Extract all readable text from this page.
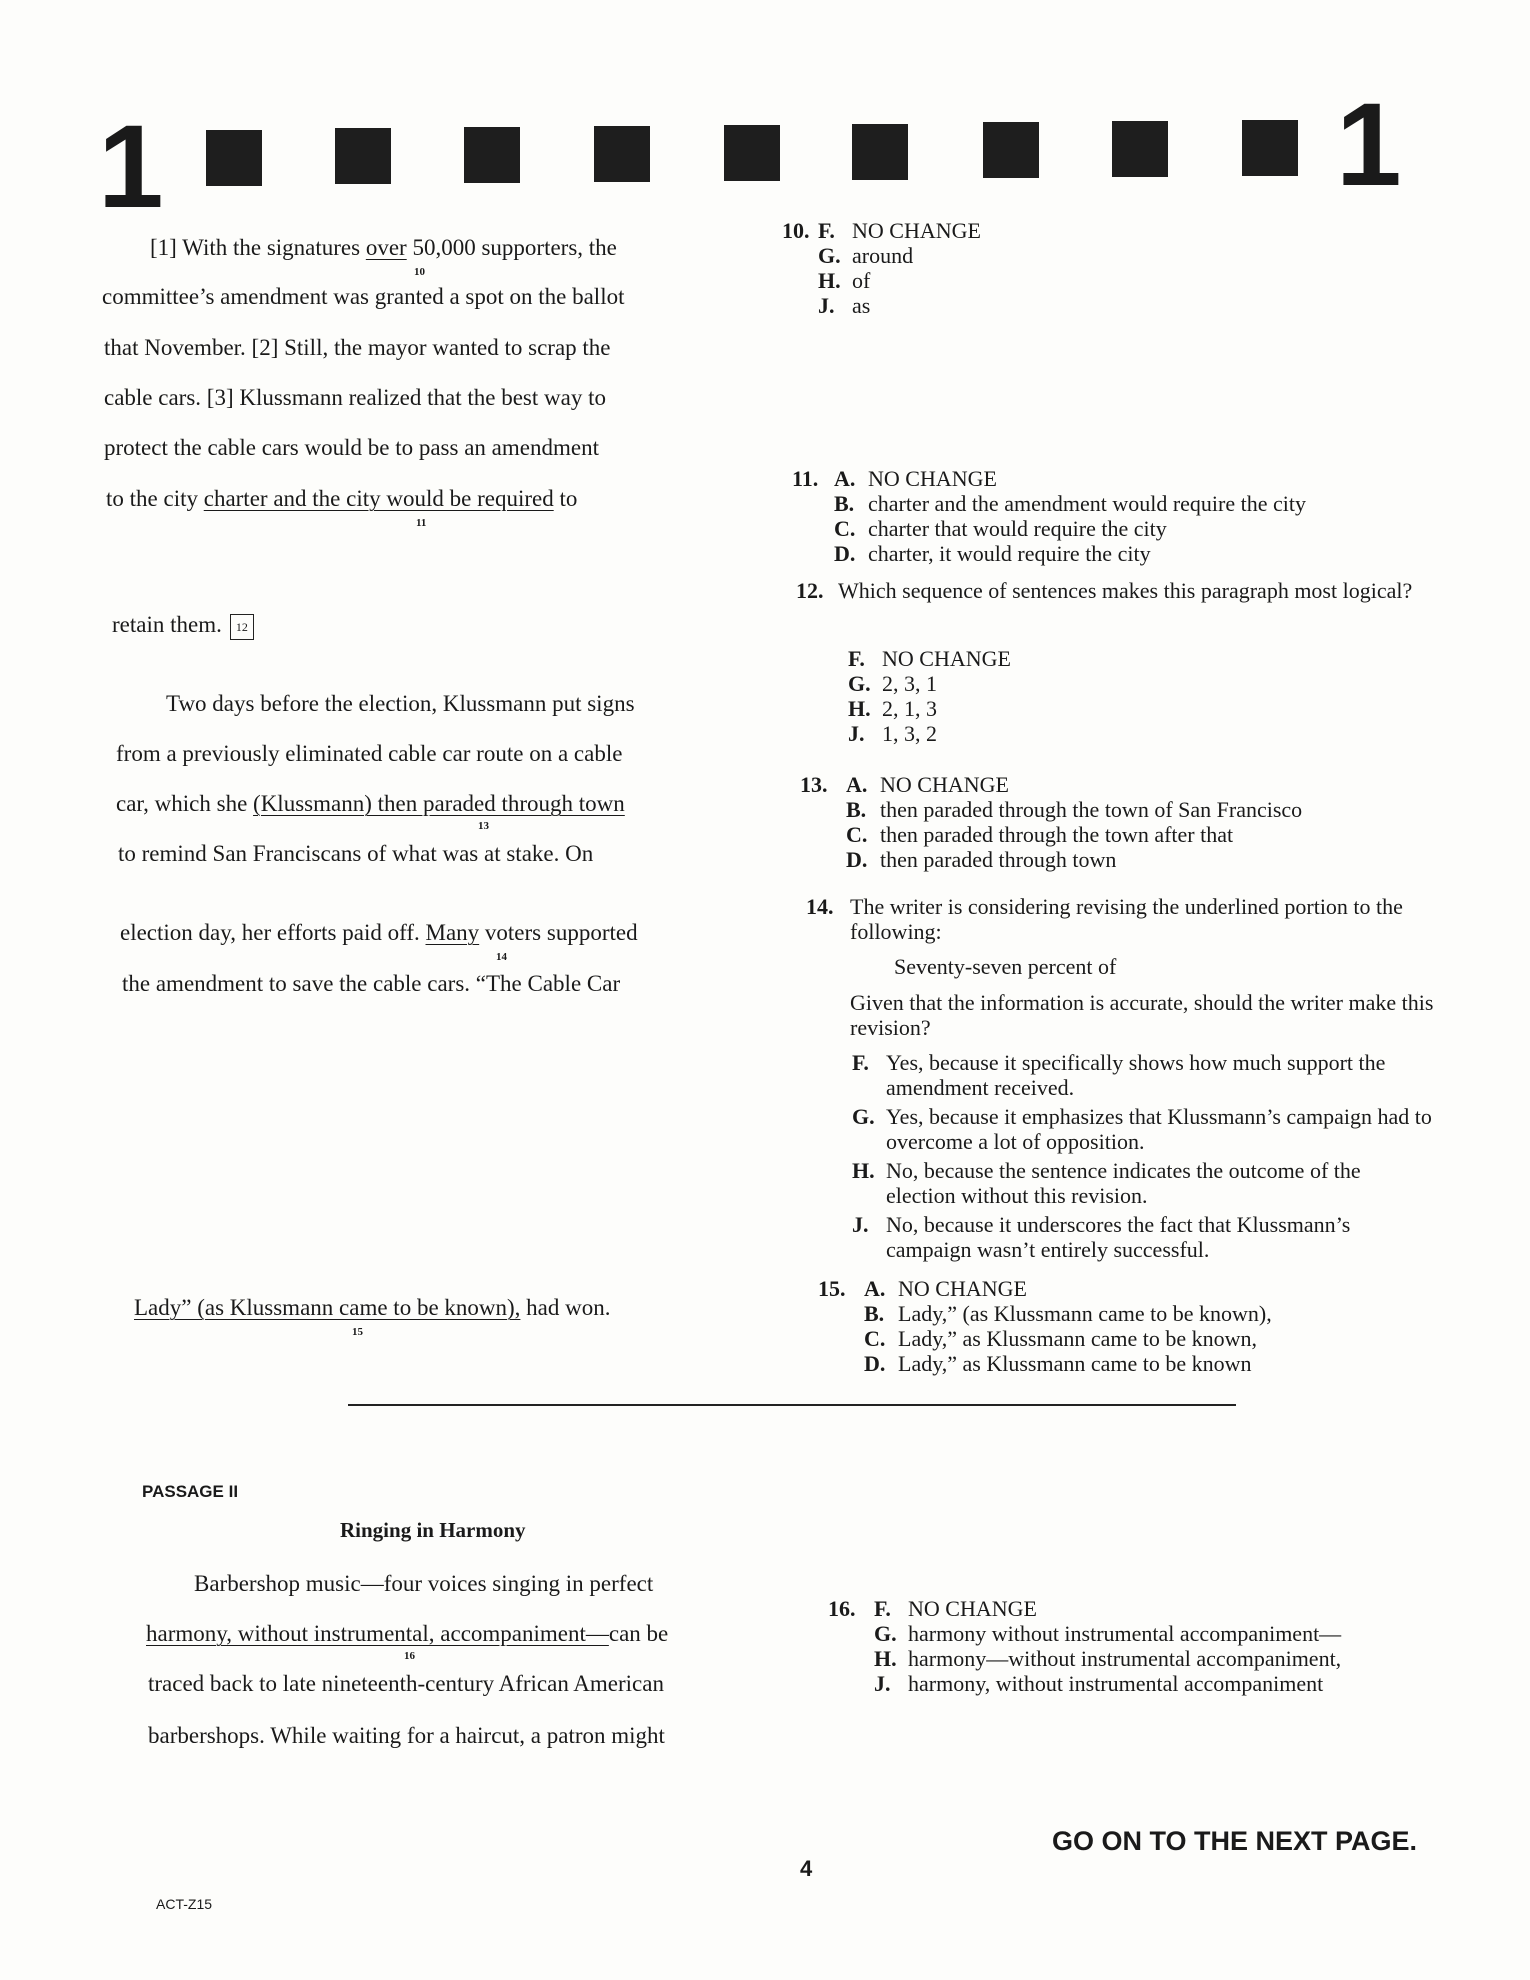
1	1
[1] With the signatures over 50,000 supporters, the
10
committee’s amendment was granted a spot on the ballot
that November. [2] Still, the mayor wanted to scrap the
cable cars. [3] Klussmann realized that the best way to
protect the cable cars would be to pass an amendment
to the city charter and the city would be required to
11
retain them. 12
Two days before the election, Klussmann put signs
from a previously eliminated cable car route on a cable
car, which she (Klussmann) then paraded through town
13
to remind San Franciscans of what was at stake. On
election day, her efforts paid off. Many voters supported
14
the amendment to save the cable cars. “The Cable Car
Lady” (as Klussmann came to be known), had won.
15
10. F. NO CHANGE
G. around
H. of
J. as
11. A. NO CHANGE
B. charter and the amendment would require the city
C. charter that would require the city
D. charter, it would require the city
12. Which sequence of sentences makes this paragraph most logical?
F. NO CHANGE
G. 2, 3, 1
H. 2, 1, 3
J. 1, 3, 2
13. A. NO CHANGE
B. then paraded through the town of San Francisco
C. then paraded through the town after that
D. then paraded through town
14. The writer is considering revising the underlined portion to the following:
Seventy-seven percent of
Given that the information is accurate, should the writer make this revision?
F. Yes, because it specifically shows how much support the amendment received.
G. Yes, because it emphasizes that Klussmann’s campaign had to overcome a lot of opposition.
H. No, because the sentence indicates the outcome of the election without this revision.
J. No, because it underscores the fact that Klussmann’s campaign wasn’t entirely successful.
15. A. NO CHANGE
B. Lady,” (as Klussmann came to be known),
C. Lady,” as Klussmann came to be known,
D. Lady,” as Klussmann came to be known
PASSAGE II
Ringing in Harmony
Barbershop music—four voices singing in perfect
harmony, without instrumental, accompaniment—can be
16
traced back to late nineteenth-century African American
barbershops. While waiting for a haircut, a patron might
16. F. NO CHANGE
G. harmony without instrumental accompaniment—
H. harmony—without instrumental accompaniment,
J. harmony, without instrumental accompaniment
4
GO ON TO THE NEXT PAGE.
ACT-Z15
